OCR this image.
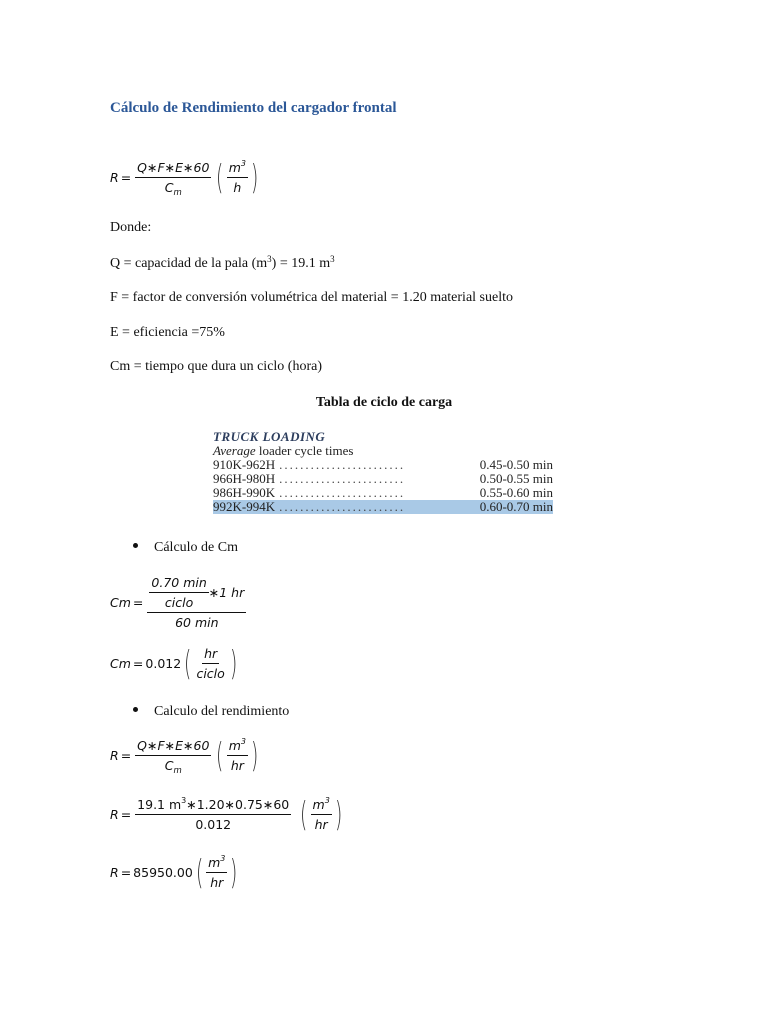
Cálculo de Rendimiento del cargador frontal
$R = \frac{Q∗F∗E∗60}{C_m}$ ( $\frac{m^3}{h}$ )
Donde:
Q = capacidad de la pala $(m^3) = 19.1$ $m^3$
F = factor de conversión volumétrica del material = 1.20 material suelto
E = eficiencia =75%
Cm = tiempo que dura un ciclo (hora)
Tabla de ciclo de carga
TRUCK LOADING
Average loader cycle times
910K-962H ........................	0.45-0.50 min
966H-980H ........................	0.50-0.55 min
986H-990K ........................	0.55-0.60 min
992K-994K ........................	0.60-0.70 min
Cálculo de Cm
$Cm = \frac{\frac{0.70 \min}{\text{ciclo}} ∗1 hr}{60 \min}$
Cm = 0.012 ( $\frac{hr}{\text{ciclo}}$ )
Calculo del rendimiento
$R = \frac{Q∗F∗E∗60}{C_m}$ ( $\frac{m^3}{hr}$ )
$R = \frac{19.1 m^3∗1.20∗0.75∗60}{0.012}$ ( $\frac{m^3}{hr}$ )
R = 85950.00 ( $\frac{m^3}{hr}$ )
